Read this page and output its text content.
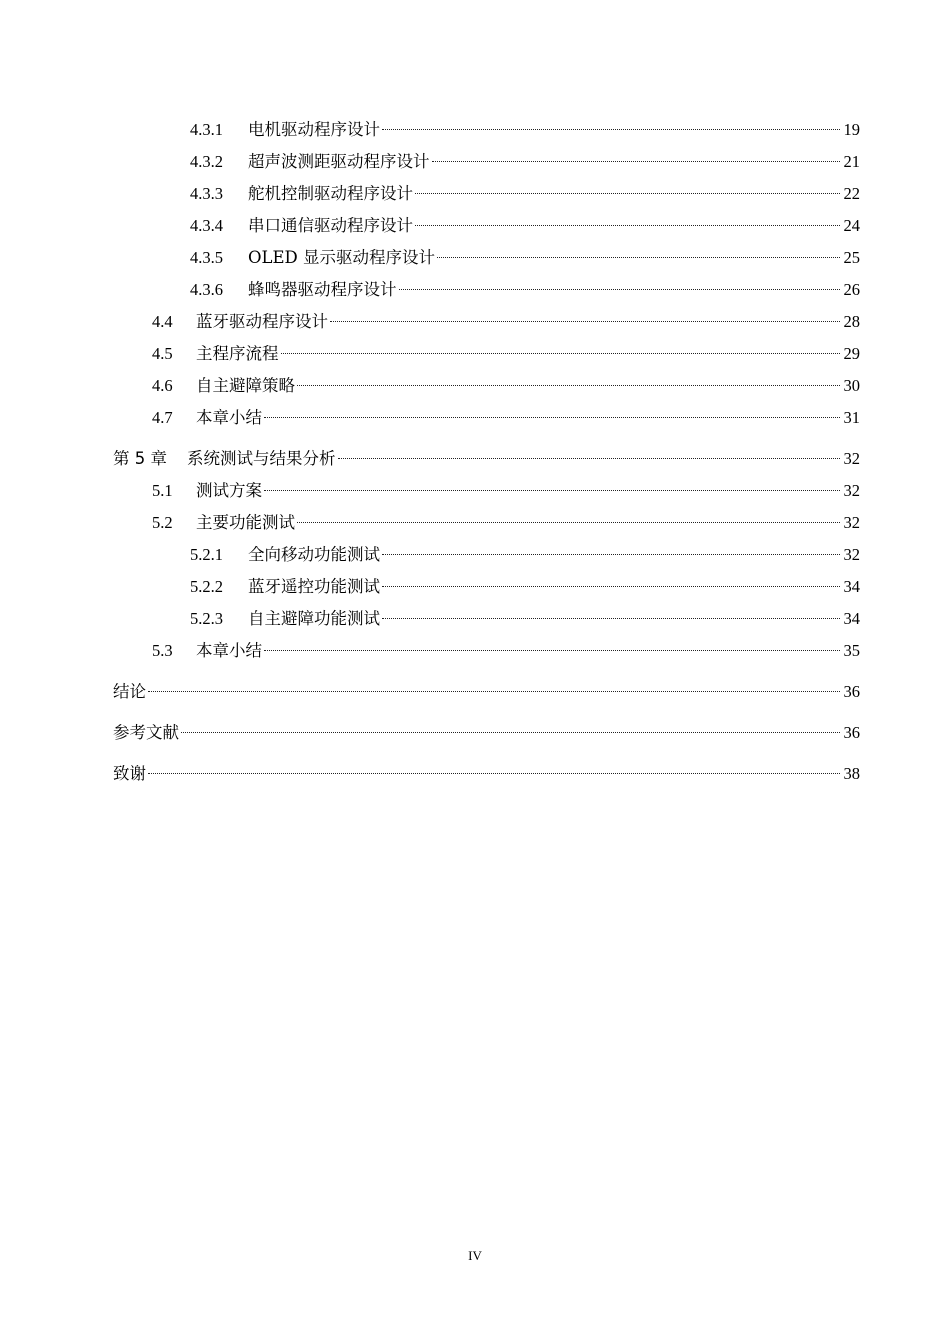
4.3.1	电机驱动程序设计	19
4.3.2	超声波测距驱动程序设计	21
4.3.3	舵机控制驱动程序设计	22
4.3.4	串口通信驱动程序设计	24
4.3.5	OLED 显示驱动程序设计	25
4.3.6	蜂鸣器驱动程序设计	26
4.4	蓝牙驱动程序设计	28
4.5	主程序流程	29
4.6	自主避障策略	30
4.7	本章小结	31
第 5 章 系统测试与结果分析	32
5.1	测试方案	32
5.2	主要功能测试	32
5.2.1	全向移动功能测试	32
5.2.2	蓝牙遥控功能测试	34
5.2.3	自主避障功能测试	34
5.3	本章小结	35
结论	36
参考文献	36
致谢	38
IV
